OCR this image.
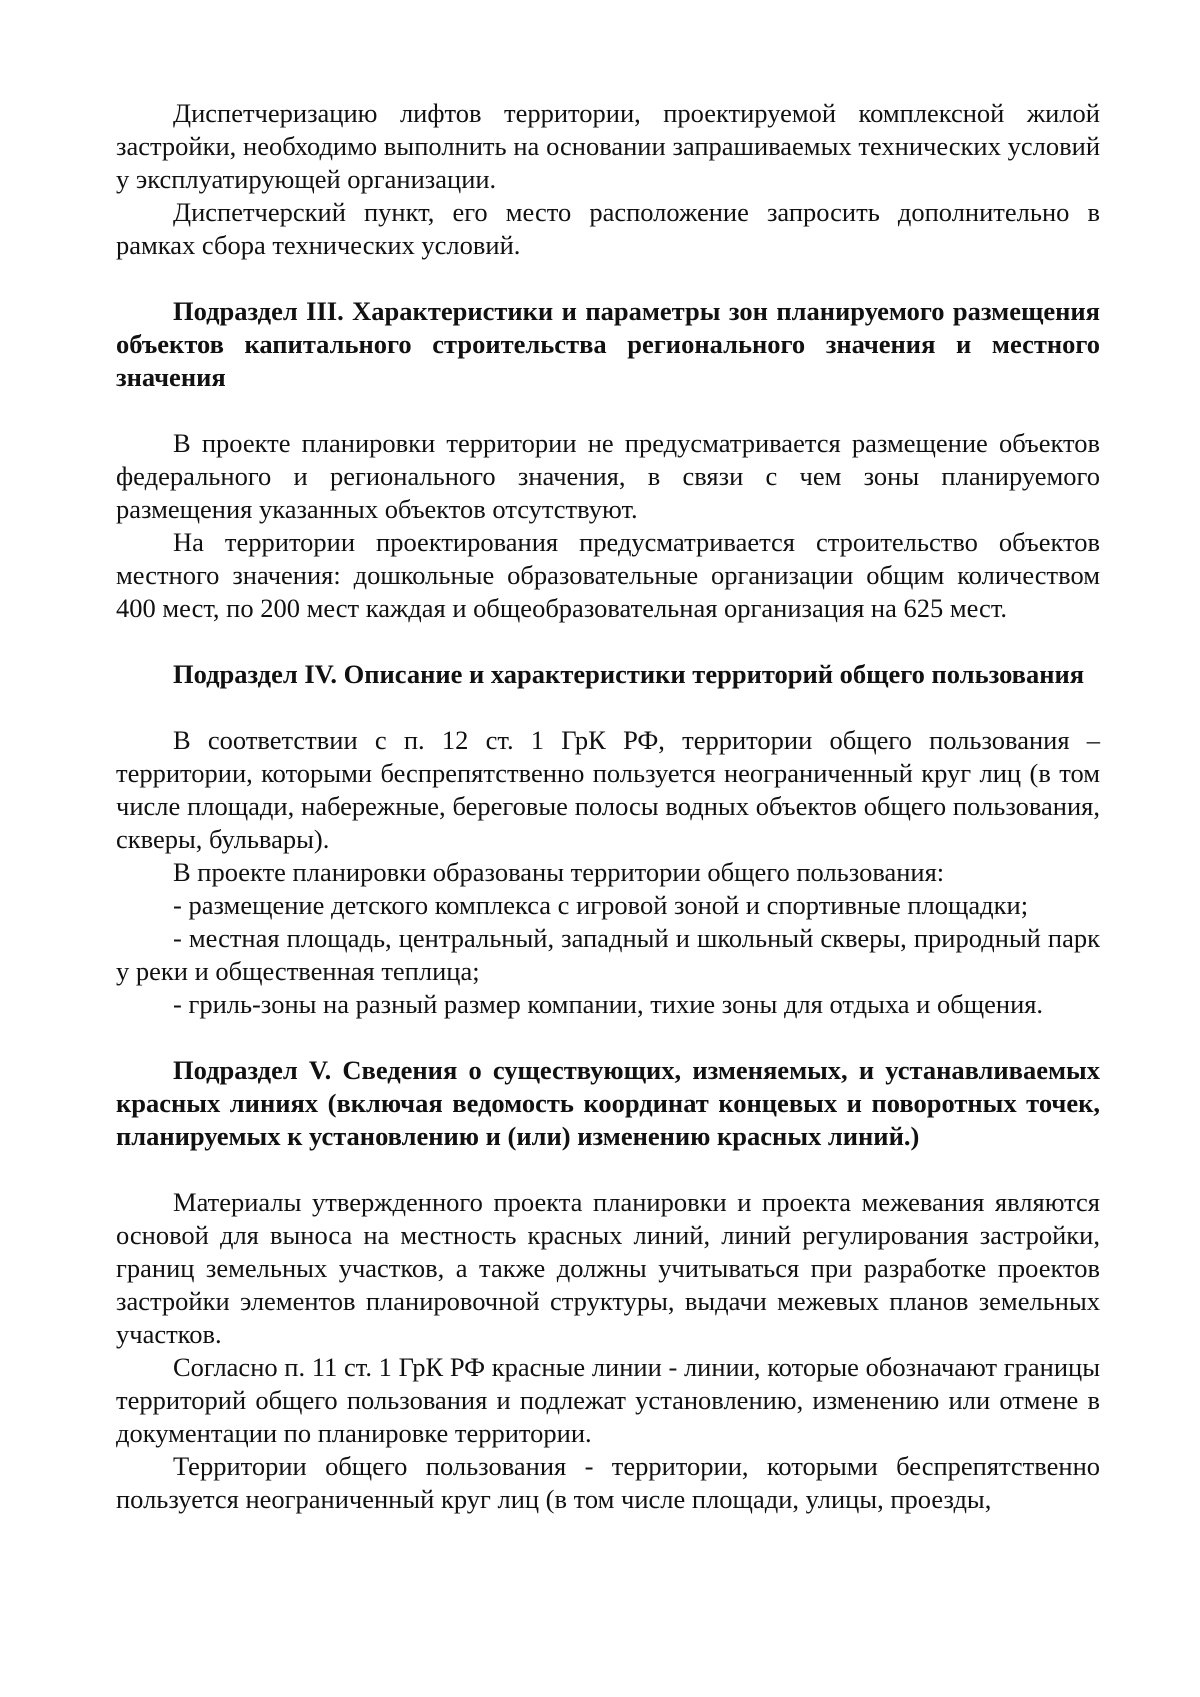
Диспетчеризацию лифтов территории, проектируемой комплексной жилой застройки, необходимо выполнить на основании запрашиваемых технических условий у эксплуатирующей организации.

Диспетчерский пункт, его место расположение запросить дополнительно в рамках сбора технических условий.

Подраздел III. Характеристики и параметры зон планируемого размещения объектов капитального строительства регионального значения и местного значения

В проекте планировки территории не предусматривается размещение объектов федерального и регионального значения, в связи с чем зоны планируемого размещения указанных объектов отсутствуют.

На территории проектирования предусматривается строительство объектов местного значения: дошкольные образовательные организации общим количеством 400 мест, по 200 мест каждая и общеобразовательная организация на 625 мест.

Подраздел IV. Описание и характеристики территорий общего пользования

В соответствии с п. 12 ст. 1 ГрК РФ, территории общего пользования – территории, которыми беспрепятственно пользуется неограниченный круг лиц (в том числе площади, набережные, береговые полосы водных объектов общего пользования, скверы, бульвары).

В проекте планировки образованы территории общего пользования:

- размещение детского комплекса с игровой зоной и спортивные площадки;

- местная площадь, центральный, западный и школьный скверы, природный парк у реки и общественная теплица;

- гриль-зоны на разный размер компании, тихие зоны для отдыха и общения.

Подраздел V. Сведения о существующих, изменяемых, и устанавливаемых красных линиях (включая ведомость координат концевых и поворотных точек, планируемых к установлению и (или) изменению красных линий.)

Материалы утвержденного проекта планировки и проекта межевания являются основой для выноса на местность красных линий, линий регулирования застройки, границ земельных участков, а также должны учитываться при разработке проектов застройки элементов планировочной структуры, выдачи межевых планов земельных участков.

Согласно п. 11 ст. 1 ГрК РФ красные линии - линии, которые обозначают границы территорий общего пользования и подлежат установлению, изменению или отмене в документации по планировке территории.

Территории общего пользования - территории, которыми беспрепятственно пользуется неограниченный круг лиц (в том числе площади, улицы, проезды,
